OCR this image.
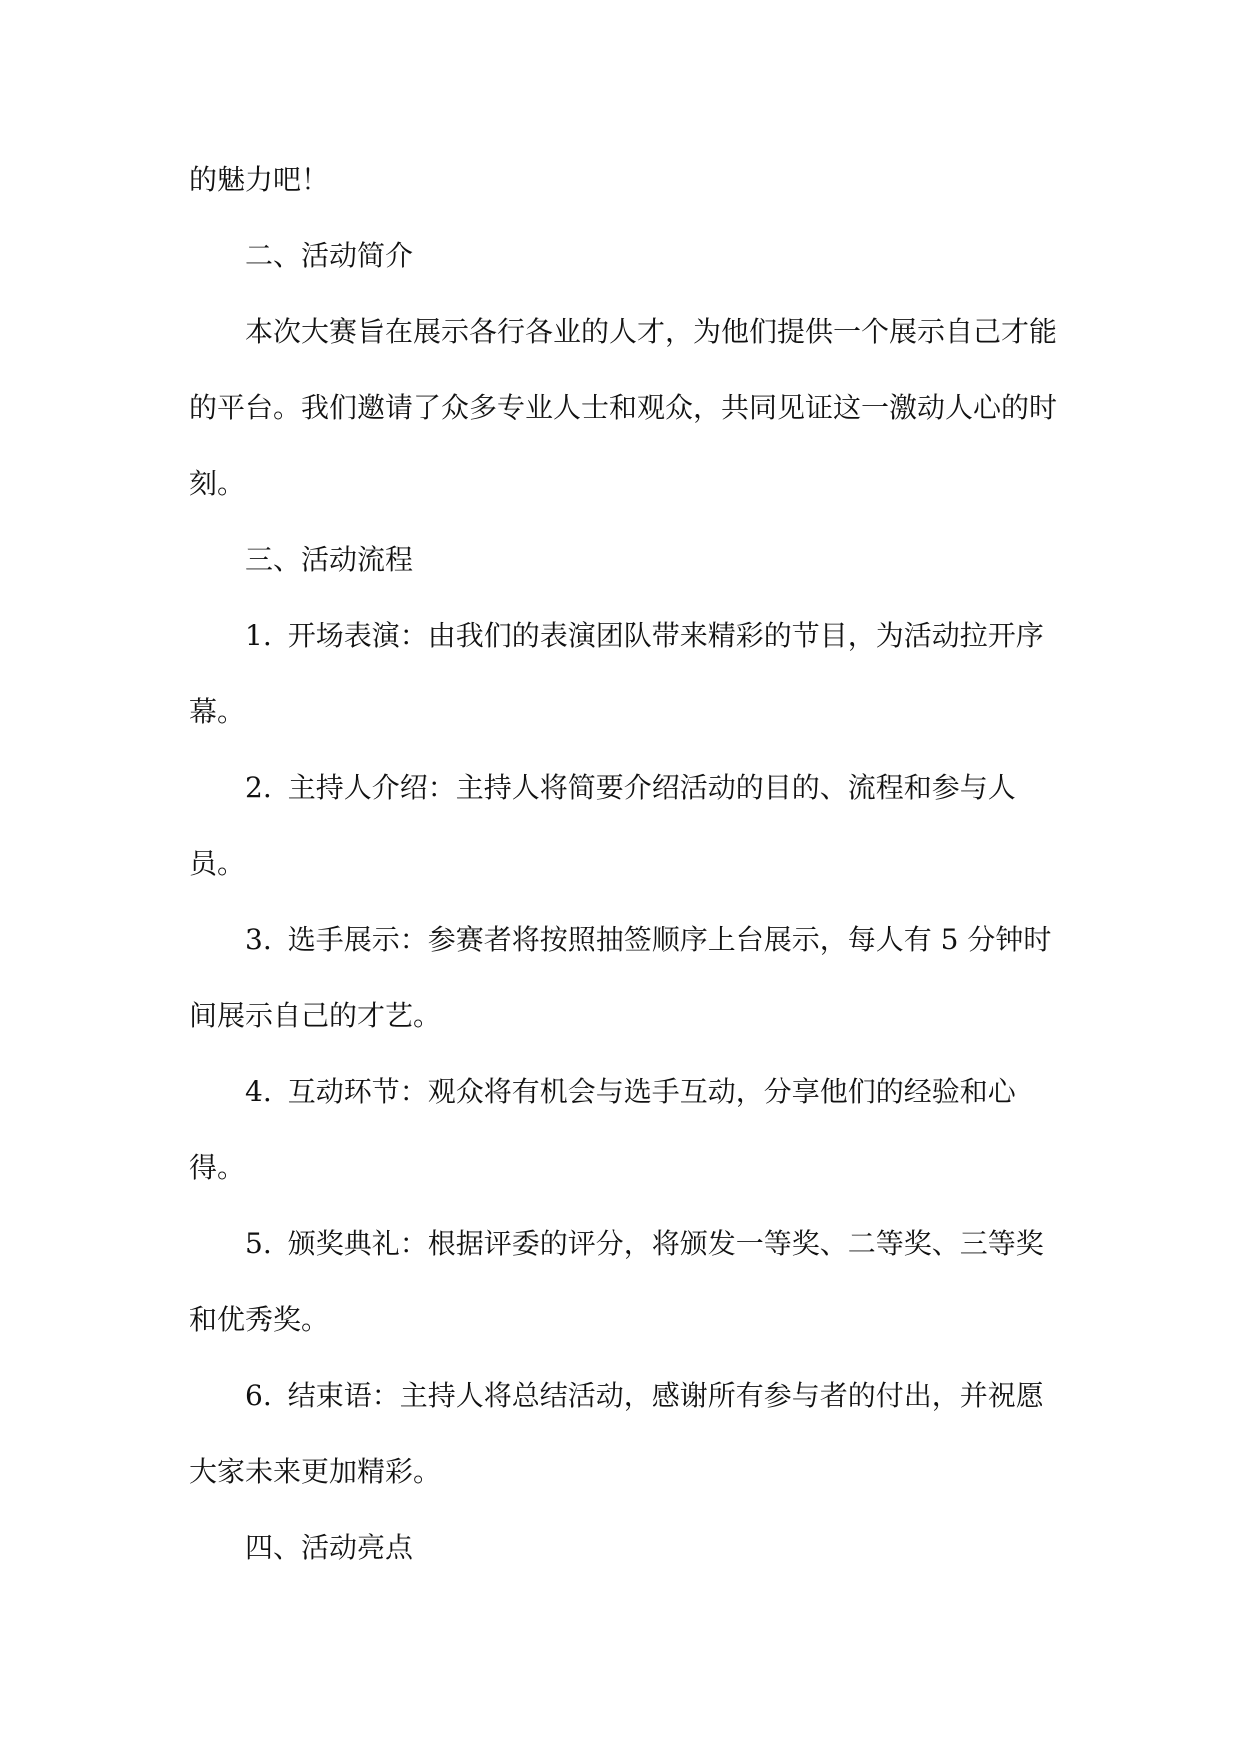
的魅力吧！

二、活动简介

本次大赛旨在展示各行各业的人才，为他们提供一个展示自己才能的平台。我们邀请了众多专业人士和观众，共同见证这一激动人心的时刻。

三、活动流程

1. 开场表演：由我们的表演团队带来精彩的节目，为活动拉开序幕。

2. 主持人介绍：主持人将简要介绍活动的目的、流程和参与人员。

3. 选手展示：参赛者将按照抽签顺序上台展示，每人有 5 分钟时间展示自己的才艺。

4. 互动环节：观众将有机会与选手互动，分享他们的经验和心得。

5. 颁奖典礼：根据评委的评分，将颁发一等奖、二等奖、三等奖和优秀奖。

6. 结束语：主持人将总结活动，感谢所有参与者的付出，并祝愿大家未来更加精彩。

四、活动亮点
